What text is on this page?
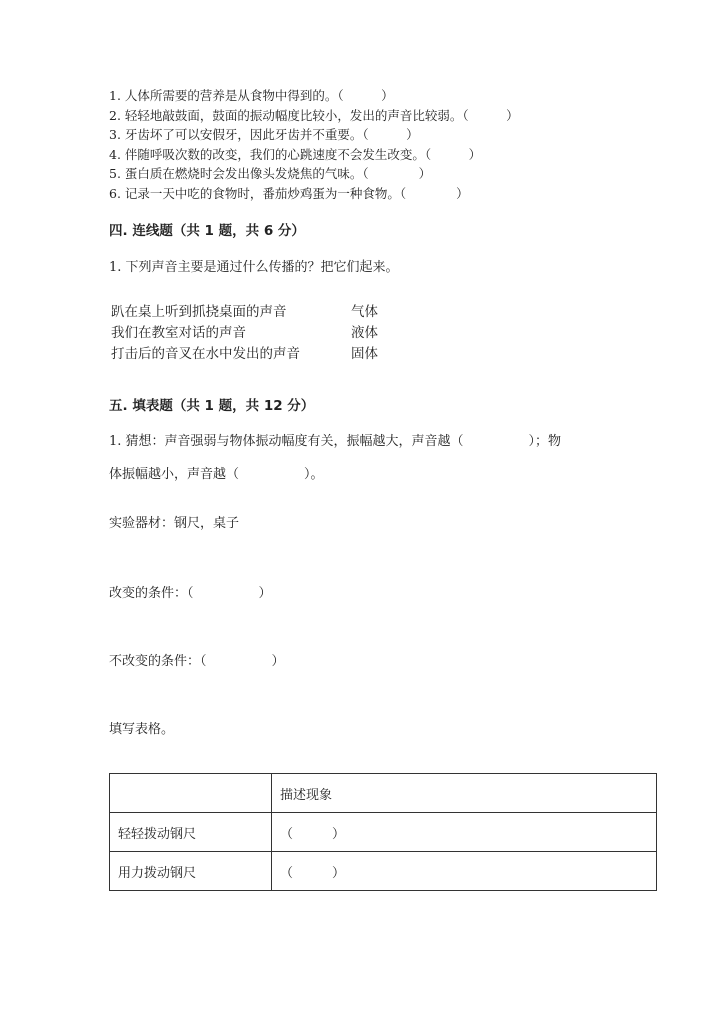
1. 人体所需要的营养是从食物中得到的。（　　　）
2. 轻轻地敲鼓面，鼓面的振动幅度比较小，发出的声音比较弱。（　　　）
3. 牙齿坏了可以安假牙，因此牙齿并不重要。（　　　）
4. 伴随呼吸次数的改变，我们的心跳速度不会发生改变。（　　　）
5. 蛋白质在燃烧时会发出像头发烧焦的气味。（　　　　）
6. 记录一天中吃的食物时，番茄炒鸡蛋为一种食物。（　　　　）
四. 连线题（共 1 题，共 6 分）
1. 下列声音主要是通过什么传播的？把它们起来。
趴在桌上听到抓挠桌面的声音	气体
我们在教室对话的声音	液体
打击后的音叉在水中发出的声音	固体
五. 填表题（共 1 题，共 12 分）
1. 猜想：声音强弱与物体振动幅度有关，振幅越大，声音越（　　　　　）；物
体振幅越小，声音越（　　　　　）。
实验器材：钢尺，桌子
改变的条件：（　　　　　）
不改变的条件：（　　　　　）
填写表格。
	描述现象
轻轻拨动钢尺	（　　　）
用力拨动钢尺	（　　　）
